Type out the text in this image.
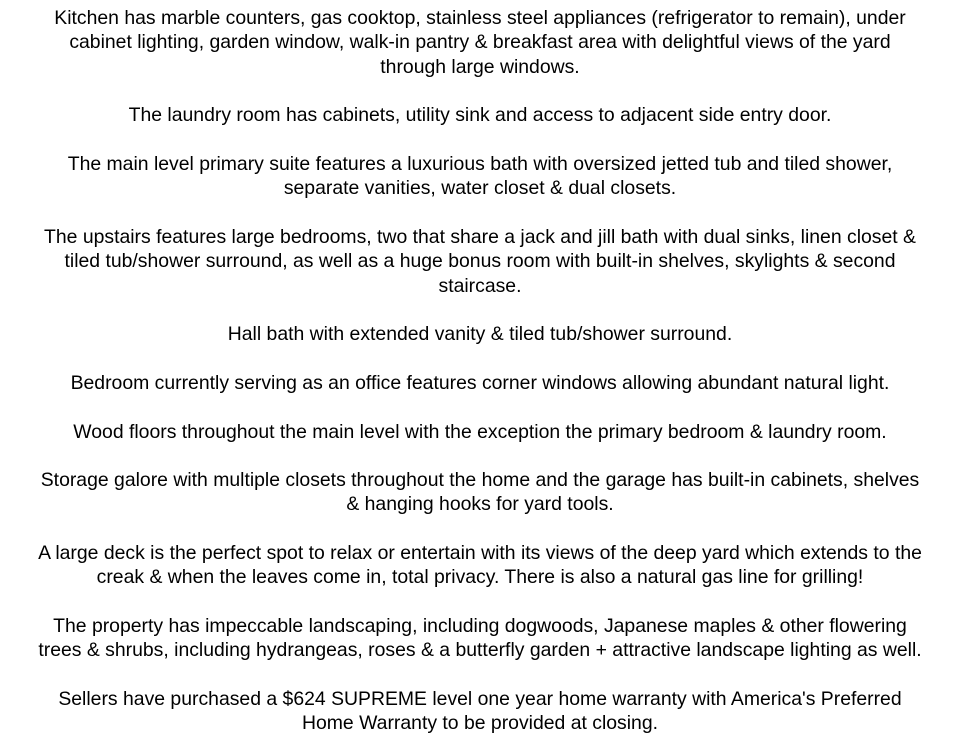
Kitchen has marble counters, gas cooktop, stainless steel appliances (refrigerator to remain), under
cabinet lighting, garden window, walk-in pantry & breakfast area with delightful views of the yard
through large windows.

The laundry room has cabinets, utility sink and access to adjacent side entry door.

The main level primary suite features a luxurious bath with oversized jetted tub and tiled shower,
separate vanities, water closet & dual closets.

The upstairs features large bedrooms, two that share a jack and jill bath with dual sinks, linen closet &
tiled tub/shower surround, as well as a huge bonus room with built-in shelves, skylights & second
staircase.

Hall bath with extended vanity & tiled tub/shower surround.

Bedroom currently serving as an office features corner windows allowing abundant natural light.

Wood floors throughout the main level with the exception the primary bedroom & laundry room.

Storage galore with multiple closets throughout the home and the garage has built-in cabinets, shelves
& hanging hooks for yard tools.

A large deck is the perfect spot to relax or entertain with its views of the deep yard which extends to the
creak & when the leaves come in, total privacy. There is also a natural gas line for grilling!

The property has impeccable landscaping, including dogwoods, Japanese maples & other flowering
trees & shrubs, including hydrangeas, roses & a butterfly garden + attractive landscape lighting as well.

Sellers have purchased a $624 SUPREME level one year home warranty with America's Preferred
Home Warranty to be provided at closing.
